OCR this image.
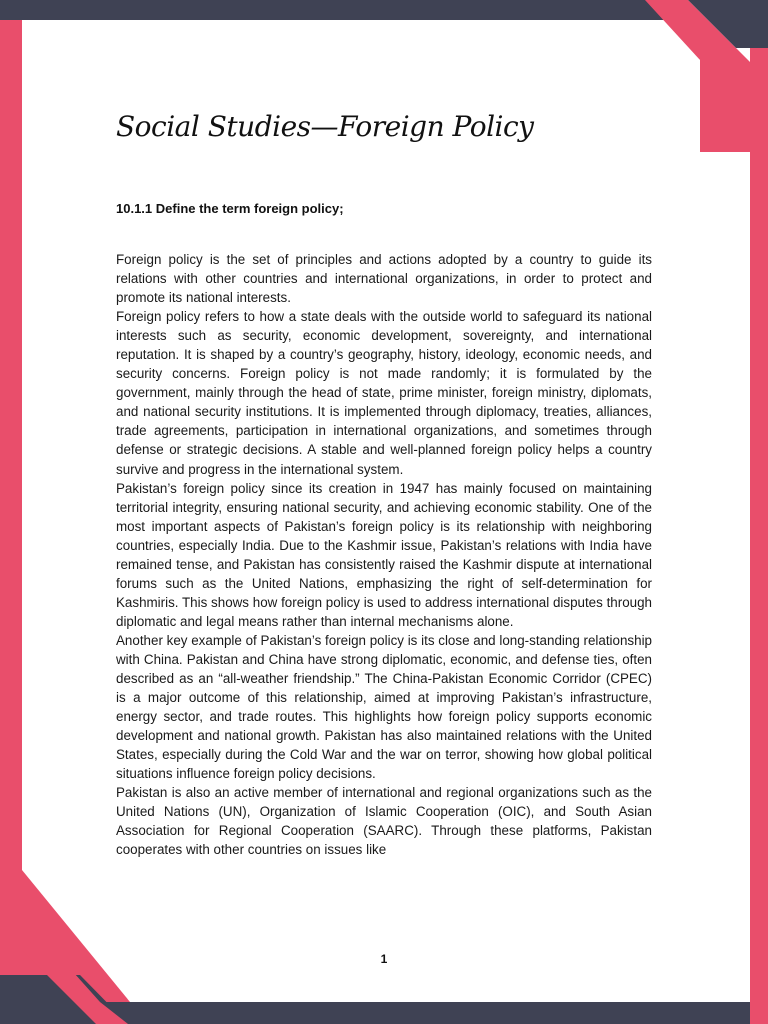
Social Studies—Foreign Policy
10.1.1 Define the term foreign policy;

Foreign policy is the set of principles and actions adopted by a country to guide its relations with other countries and international organizations, in order to protect and promote its national interests.

Foreign policy refers to how a state deals with the outside world to safeguard its national interests such as security, economic development, sovereignty, and international reputation. It is shaped by a country’s geography, history, ideology, economic needs, and security concerns. Foreign policy is not made randomly; it is formulated by the government, mainly through the head of state, prime minister, foreign ministry, diplomats, and national security institutions. It is implemented through diplomacy, treaties, alliances, trade agreements, participation in international organizations, and sometimes through defense or strategic decisions. A stable and well-planned foreign policy helps a country survive and progress in the international system.

Pakistan’s foreign policy since its creation in 1947 has mainly focused on maintaining territorial integrity, ensuring national security, and achieving economic stability. One of the most important aspects of Pakistan’s foreign policy is its relationship with neighboring countries, especially India. Due to the Kashmir issue, Pakistan’s relations with India have remained tense, and Pakistan has consistently raised the Kashmir dispute at international forums such as the United Nations, emphasizing the right of self-determination for Kashmiris. This shows how foreign policy is used to address international disputes through diplomatic and legal means rather than internal mechanisms alone.

Another key example of Pakistan’s foreign policy is its close and long-standing relationship with China. Pakistan and China have strong diplomatic, economic, and defense ties, often described as an “all-weather friendship.” The China-Pakistan Economic Corridor (CPEC) is a major outcome of this relationship, aimed at improving Pakistan’s infrastructure, energy sector, and trade routes. This highlights how foreign policy supports economic development and national growth. Pakistan has also maintained relations with the United States, especially during the Cold War and the war on terror, showing how global political situations influence foreign policy decisions.

Pakistan is also an active member of international and regional organizations such as the United Nations (UN), Organization of Islamic Cooperation (OIC), and South Asian Association for Regional Cooperation (SAARC). Through these platforms, Pakistan cooperates with other countries on issues like

1
